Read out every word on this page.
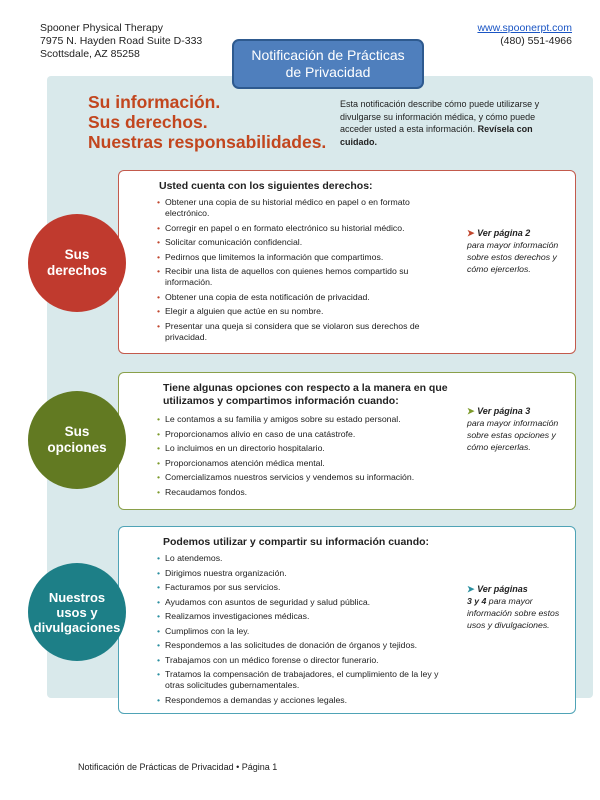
Spooner Physical Therapy
7975 N. Hayden Road Suite D-333
Scottsdale, AZ 85258
www.spoonerpt.com
(480) 551-4966
Notificación de Prácticas
de Privacidad
Su información.
Sus derechos.
Nuestras responsabilidades.
Esta notificación describe cómo puede utilizarse y divulgarse su información médica, y cómo puede acceder usted a esta información. Revísela con cuidado.
Sus
derechos
Usted cuenta con los siguientes derechos:
• Obtener una copia de su historial médico en papel o en formato electrónico.
• Corregir en papel o en formato electrónico su historial médico.
• Solicitar comunicación confidencial.
• Pedirnos que limitemos la información que compartimos.
• Recibir una lista de aquellos con quienes hemos compartido su información.
• Obtener una copia de esta notificación de privacidad.
• Elegir a alguien que actúe en su nombre.
• Presentar una queja si considera que se violaron sus derechos de privacidad.
➤ Ver página 2
para mayor información sobre estos derechos y cómo ejercerlos.
Sus
opciones
Tiene algunas opciones con respecto a la manera en que utilizamos y compartimos información cuando:
• Le contamos a su familia y amigos sobre su estado personal.
• Proporcionamos alivio en caso de una catástrofe.
• Lo incluimos en un directorio hospitalario.
• Proporcionamos atención médica mental.
• Comercializamos nuestros servicios y vendemos su información.
• Recaudamos fondos.
➤ Ver página 3
para mayor información sobre estas opciones y cómo ejercerlas.
Nuestros
usos y
divulgaciones
Podemos utilizar y compartir su información cuando:
• Lo atendemos.
• Dirigimos nuestra organización.
• Facturamos por sus servicios.
• Ayudamos con asuntos de seguridad y salud pública.
• Realizamos investigaciones médicas.
• Cumplimos con la ley.
• Respondemos a las solicitudes de donación de órganos y tejidos.
• Trabajamos con un médico forense o director funerario.
• Tratamos la compensación de trabajadores, el cumplimiento de la ley y otras solicitudes gubernamentales.
• Respondemos a demandas y acciones legales.
➤ Ver páginas
3 y 4 para mayor información sobre estos usos y divulgaciones.
Notificación de Prácticas de Privacidad • Página 1
